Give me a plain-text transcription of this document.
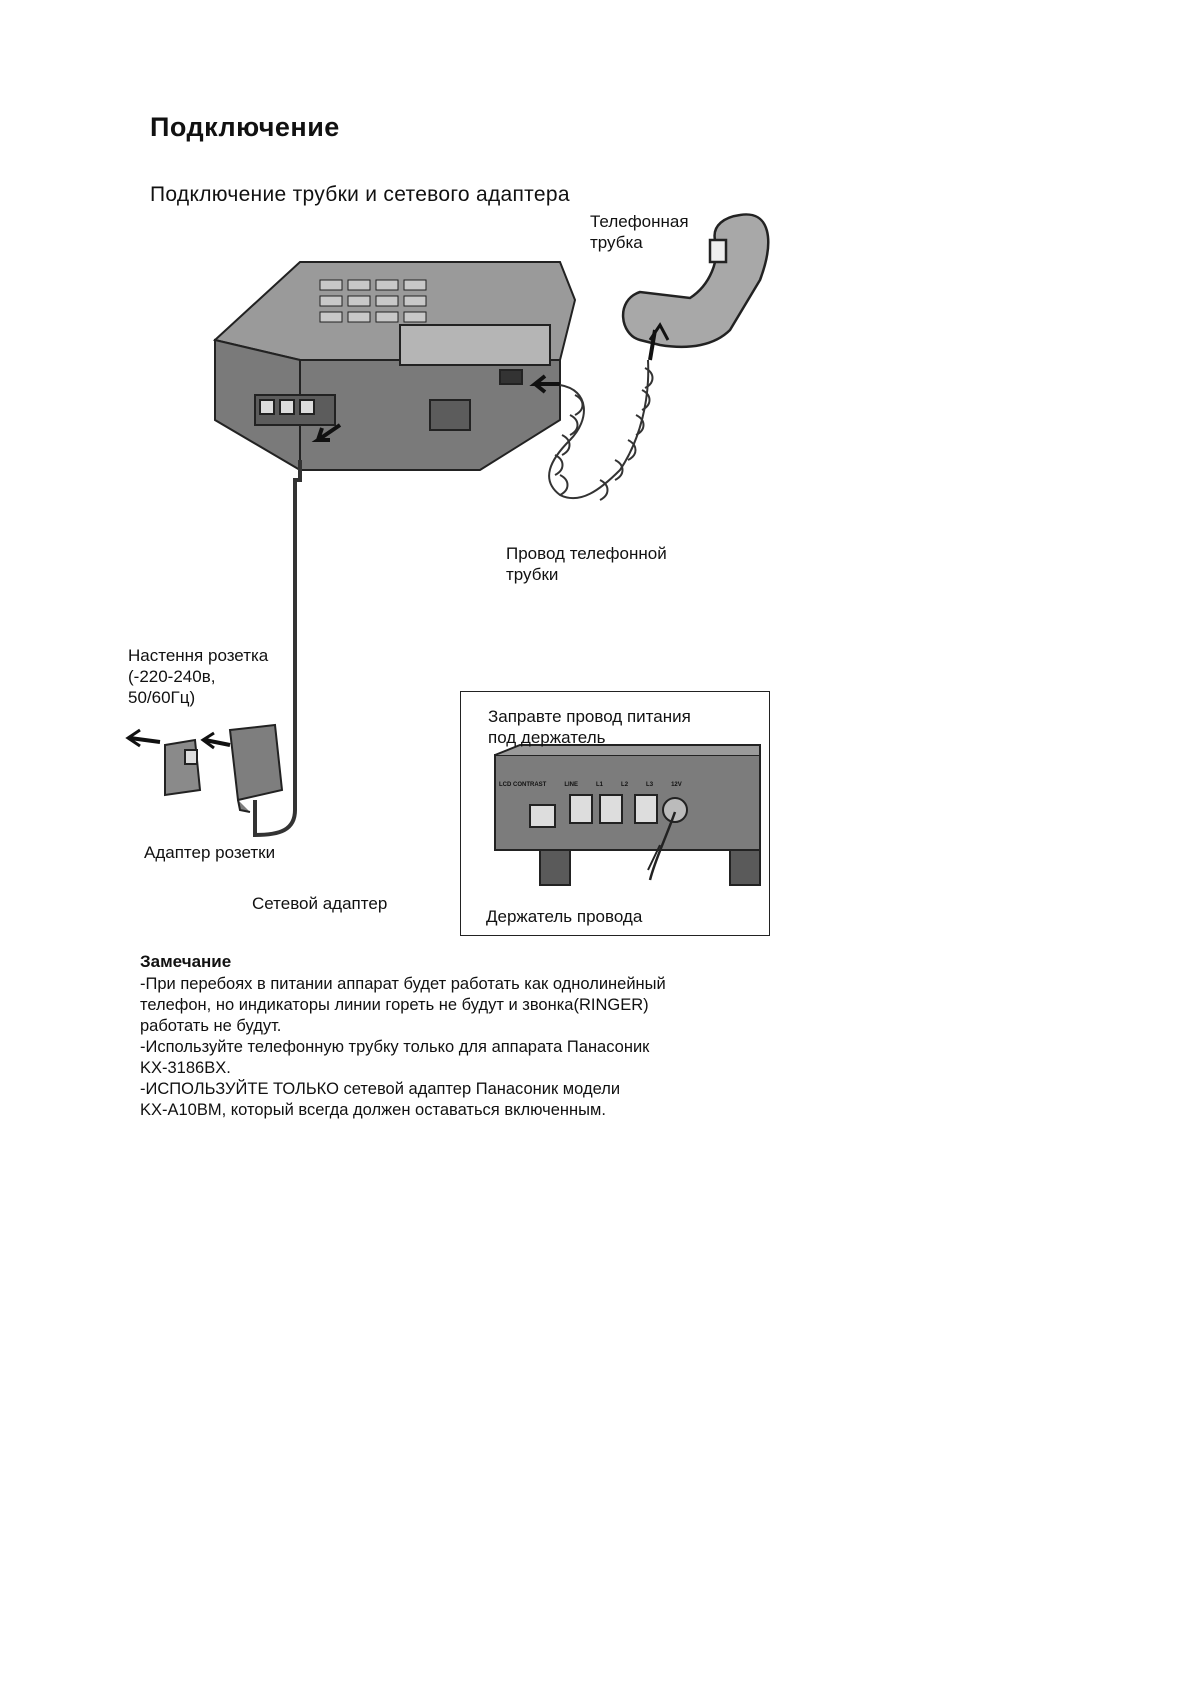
Подключение
Подключение трубки и сетевого адаптера
Телефонная
трубка
Провод телефонной
трубки
Настення розетка
(-220-240в,
50/60Гц)
Адаптер розетки
Сетевой адаптер
LCD CONTRAST	LINE	L1	L2	L3	12V
Заправте провод питания
под держатель
Держатель провода
Замечание
-При перебоях в питании аппарат будет работать как однолинейный
телефон, но индикаторы линии гореть не будут и звонка(RINGER)
работать не будут.
-Используйте телефонную трубку только для аппарата Панасоник
KX-3186BX.
-ИСПОЛЬЗУЙТЕ ТОЛЬКО сетевой адаптер Панасоник модели
KX-A10BM, который всегда должен оставаться включенным.
